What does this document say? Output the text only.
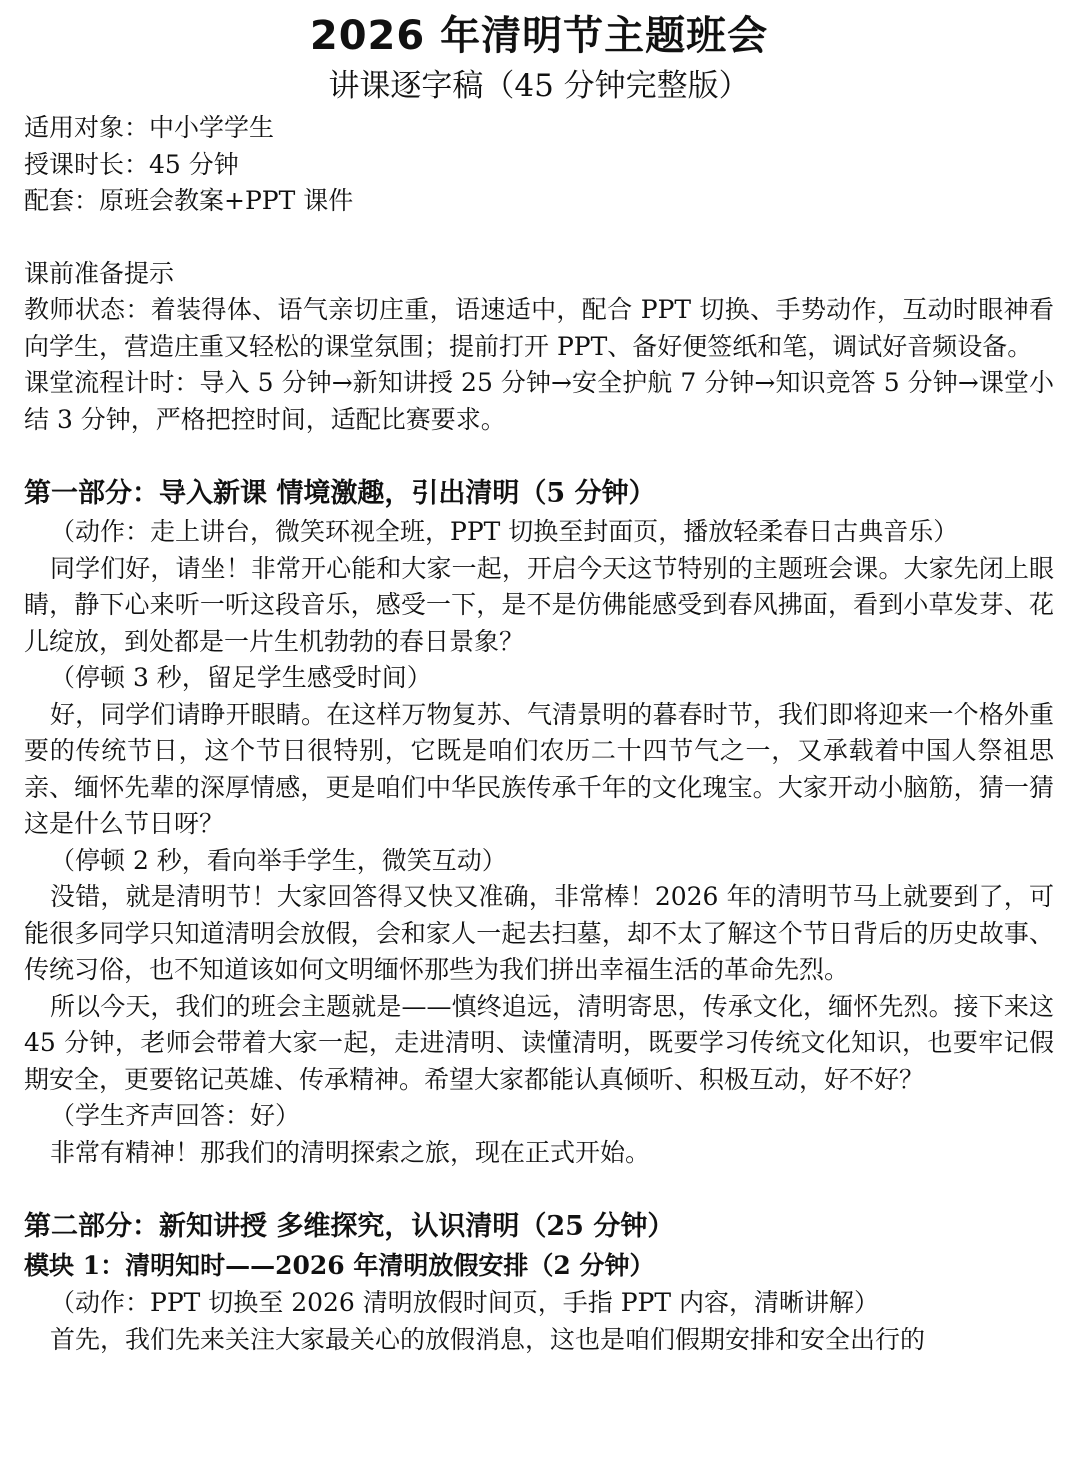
2026 年清明节主题班会
讲课逐字稿（45 分钟完整版）

适用对象：中小学学生

授课时长：45 分钟

配套：原班会教案+PPT 课件

课前准备提示

教师状态：着装得体、语气亲切庄重，语速适中，配合 PPT 切换、手势动作，互动时眼神看向学生，营造庄重又轻松的课堂氛围；提前打开 PPT、备好便签纸和笔，调试好音频设备。

课堂流程计时：导入 5 分钟→新知讲授 25 分钟→安全护航 7 分钟→知识竞答 5 分钟→课堂小结 3 分钟，严格把控时间，适配比赛要求。

第一部分：导入新课 情境激趣，引出清明（5 分钟）

（动作：走上讲台，微笑环视全班，PPT 切换至封面页，播放轻柔春日古典音乐）

同学们好，请坐！非常开心能和大家一起，开启今天这节特别的主题班会课。大家先闭上眼睛，静下心来听一听这段音乐，感受一下，是不是仿佛能感受到春风拂面，看到小草发芽、花儿绽放，到处都是一片生机勃勃的春日景象？

（停顿 3 秒，留足学生感受时间）

好，同学们请睁开眼睛。在这样万物复苏、气清景明的暮春时节，我们即将迎来一个格外重要的传统节日，这个节日很特别，它既是咱们农历二十四节气之一，又承载着中国人祭祖思亲、缅怀先辈的深厚情感，更是咱们中华民族传承千年的文化瑰宝。大家开动小脑筋，猜一猜这是什么节日呀？

（停顿 2 秒，看向举手学生，微笑互动）

没错，就是清明节！大家回答得又快又准确，非常棒！2026 年的清明节马上就要到了，可能很多同学只知道清明会放假，会和家人一起去扫墓，却不太了解这个节日背后的历史故事、传统习俗，也不知道该如何文明缅怀那些为我们拼出幸福生活的革命先烈。

所以今天，我们的班会主题就是——慎终追远，清明寄思，传承文化，缅怀先烈。接下来这 45 分钟，老师会带着大家一起，走进清明、读懂清明，既要学习传统文化知识，也要牢记假期安全，更要铭记英雄、传承精神。希望大家都能认真倾听、积极互动，好不好？

（学生齐声回答：好）

非常有精神！那我们的清明探索之旅，现在正式开始。

第二部分：新知讲授 多维探究，认识清明（25 分钟）
模块 1：清明知时——2026 年清明放假安排（2 分钟）

（动作：PPT 切换至 2026 清明放假时间页，手指 PPT 内容，清晰讲解）

首先，我们先来关注大家最关心的放假消息，这也是咱们假期安排和安全出行的
